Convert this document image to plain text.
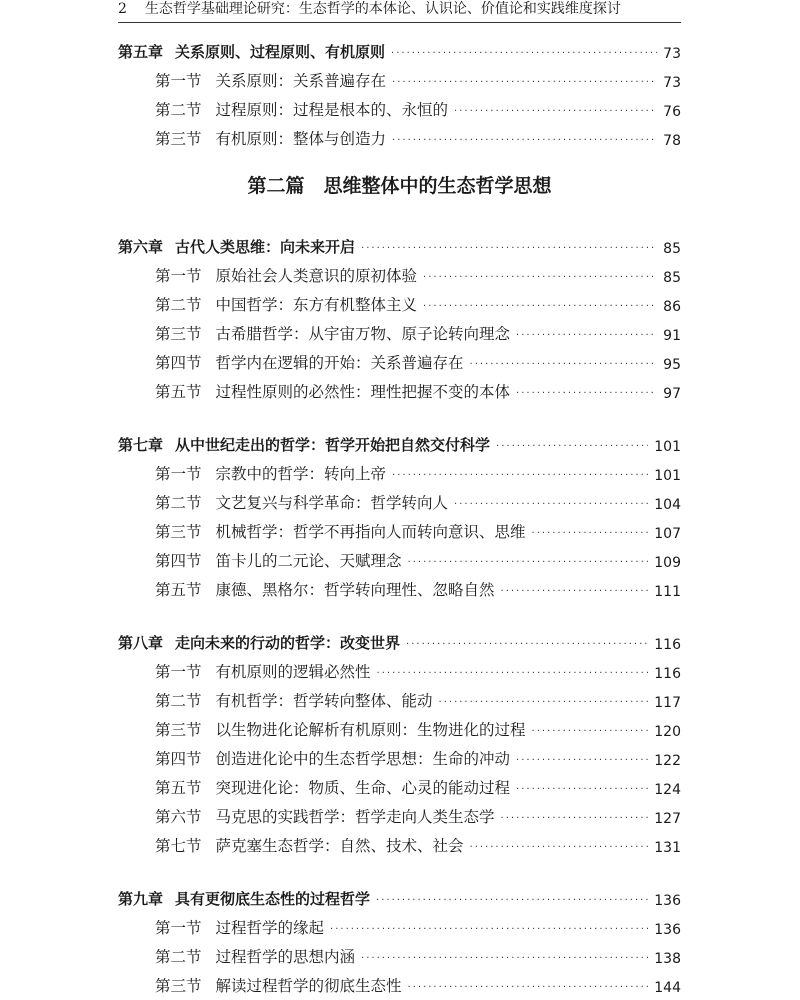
2 生态哲学基础理论研究：生态哲学的本体论、认识论、价值论和实践维度探讨
第五章 关系原则、过程原则、有机原则 ·····	73
第一节 关系原则：关系普遍存在 ·····	73
第二节 过程原则：过程是根本的、永恒的 ·····	76
第三节 有机原则：整体与创造力 ·····	78
第二篇　思维整体中的生态哲学思想
第六章 古代人类思维：向未来开启 ·····	85
第一节 原始社会人类意识的原初体验 ·····	85
第二节 中国哲学：东方有机整体主义 ·····	86
第三节 古希腊哲学：从宇宙万物、原子论转向理念 ·····	91
第四节 哲学内在逻辑的开始：关系普遍存在 ·····	95
第五节 过程性原则的必然性：理性把握不变的本体 ·····	97
第七章 从中世纪走出的哲学：哲学开始把自然交付科学 ·····	101
第一节 宗教中的哲学：转向上帝 ·····	101
第二节 文艺复兴与科学革命：哲学转向人 ·····	104
第三节 机械哲学：哲学不再指向人而转向意识、思维 ·····	107
第四节 笛卡儿的二元论、天赋理念 ·····	109
第五节 康德、黑格尔：哲学转向理性、忽略自然 ·····	111
第八章 走向未来的行动的哲学：改变世界 ·····	116
第一节 有机原则的逻辑必然性 ·····	116
第二节 有机哲学：哲学转向整体、能动 ·····	117
第三节 以生物进化论解析有机原则：生物进化的过程 ·····	120
第四节 创造进化论中的生态哲学思想：生命的冲动 ·····	122
第五节 突现进化论：物质、生命、心灵的能动过程 ·····	124
第六节 马克思的实践哲学：哲学走向人类生态学 ·····	127
第七节 萨克塞生态哲学：自然、技术、社会 ·····	131
第九章 具有更彻底生态性的过程哲学 ·····	136
第一节 过程哲学的缘起 ·····	136
第二节 过程哲学的思想内涵 ·····	138
第三节 解读过程哲学的彻底生态性 ·····	144
